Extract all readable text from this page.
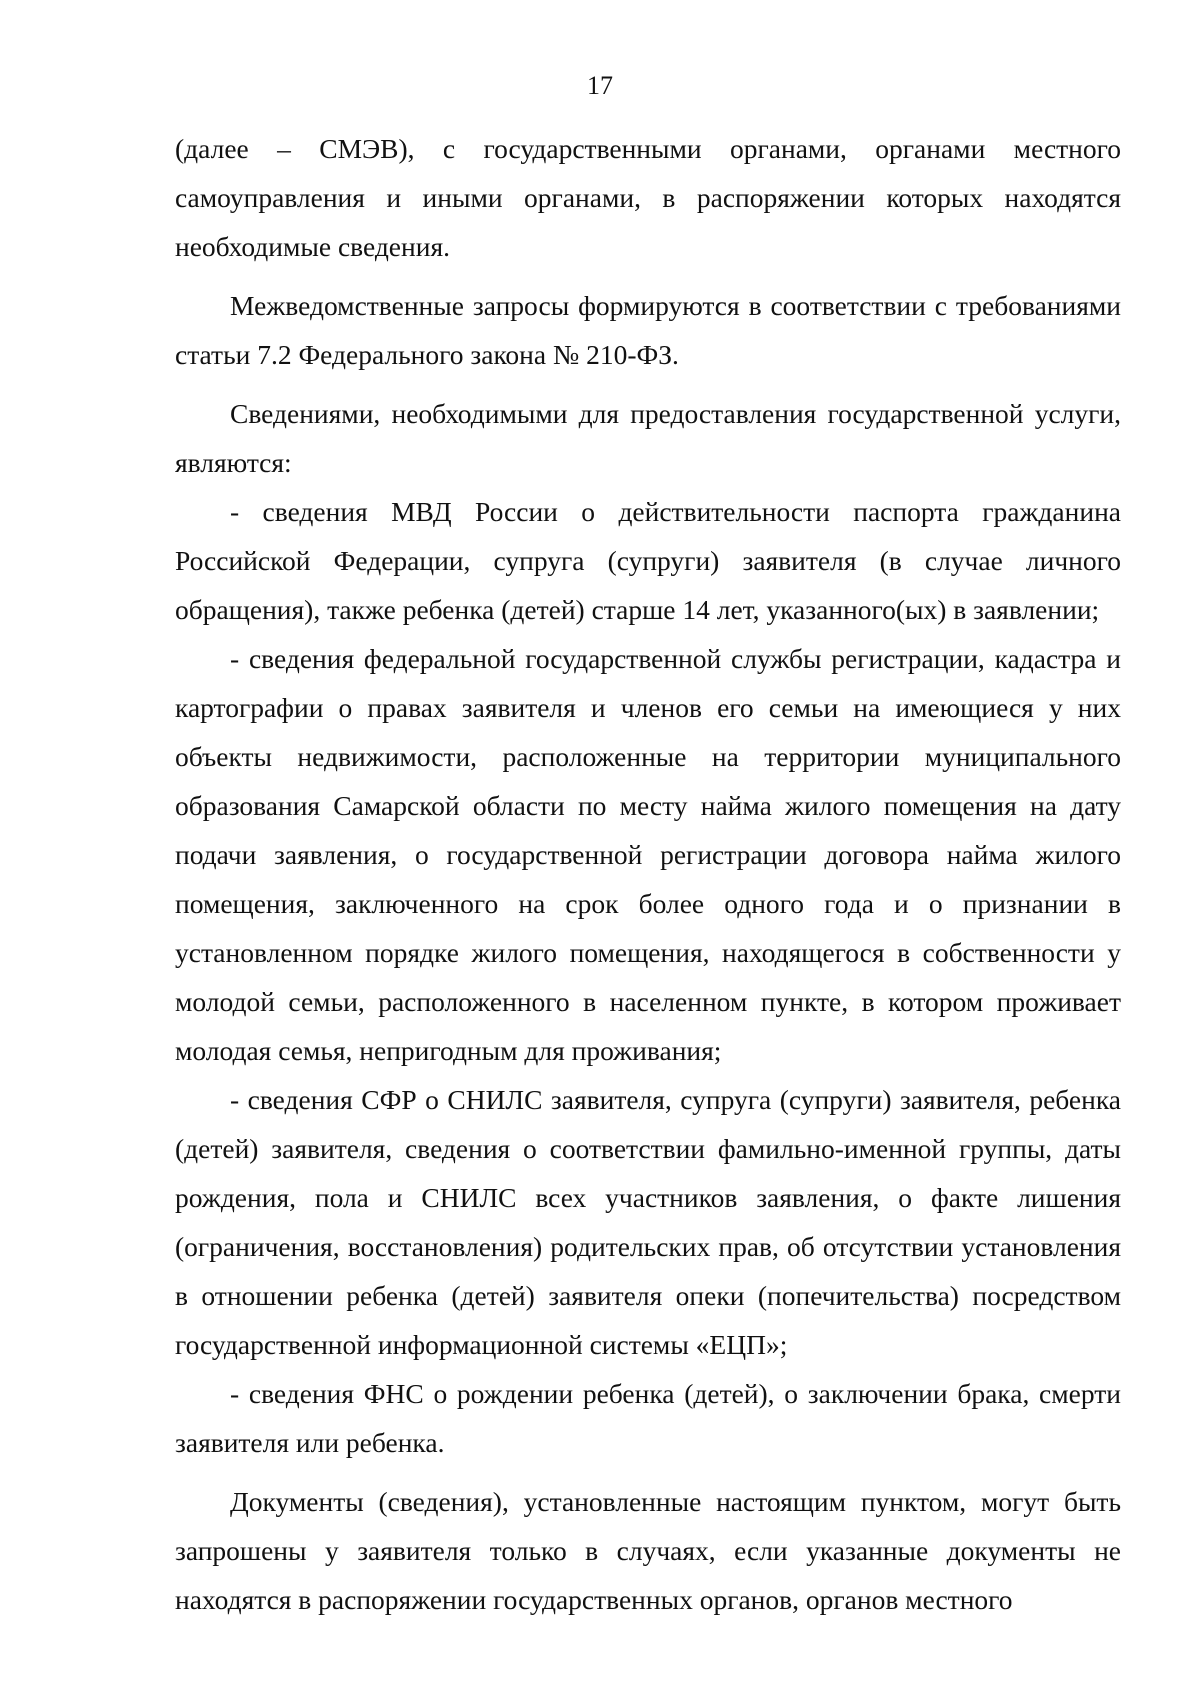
17

(далее – СМЭВ), с государственными органами, органами местного самоуправления и иными органами, в распоряжении которых находятся необходимые сведения.

Межведомственные запросы формируются в соответствии с требованиями статьи 7.2 Федерального закона № 210-ФЗ.

Сведениями, необходимыми для предоставления государственной услуги, являются:

- сведения МВД России о действительности паспорта гражданина Российской Федерации, супруга (супруги) заявителя (в случае личного обращения), также ребенка (детей) старше 14 лет, указанного(ых) в заявлении;

- сведения федеральной государственной службы регистрации, кадастра и картографии о правах заявителя и членов его семьи на имеющиеся у них объекты недвижимости, расположенные на территории муниципального образования Самарской области по месту найма жилого помещения на дату подачи заявления, о государственной регистрации договора найма жилого помещения, заключенного на срок более одного года и о признании в установленном порядке жилого помещения, находящегося в собственности у молодой семьи, расположенного в населенном пункте, в котором проживает молодая семья, непригодным для проживания;

- сведения СФР о СНИЛС заявителя, супруга (супруги) заявителя, ребенка (детей) заявителя, сведения о соответствии фамильно-именной группы, даты рождения, пола и СНИЛС всех участников заявления, о факте лишения (ограничения, восстановления) родительских прав, об отсутствии установления в отношении ребенка (детей) заявителя опеки (попечительства) посредством государственной информационной системы «ЕЦП»;

- сведения ФНС о рождении ребенка (детей), о заключении брака, смерти заявителя или ребенка.

Документы (сведения), установленные настоящим пунктом, могут быть запрошены у заявителя только в случаях, если указанные документы не находятся в распоряжении государственных органов, органов местного
